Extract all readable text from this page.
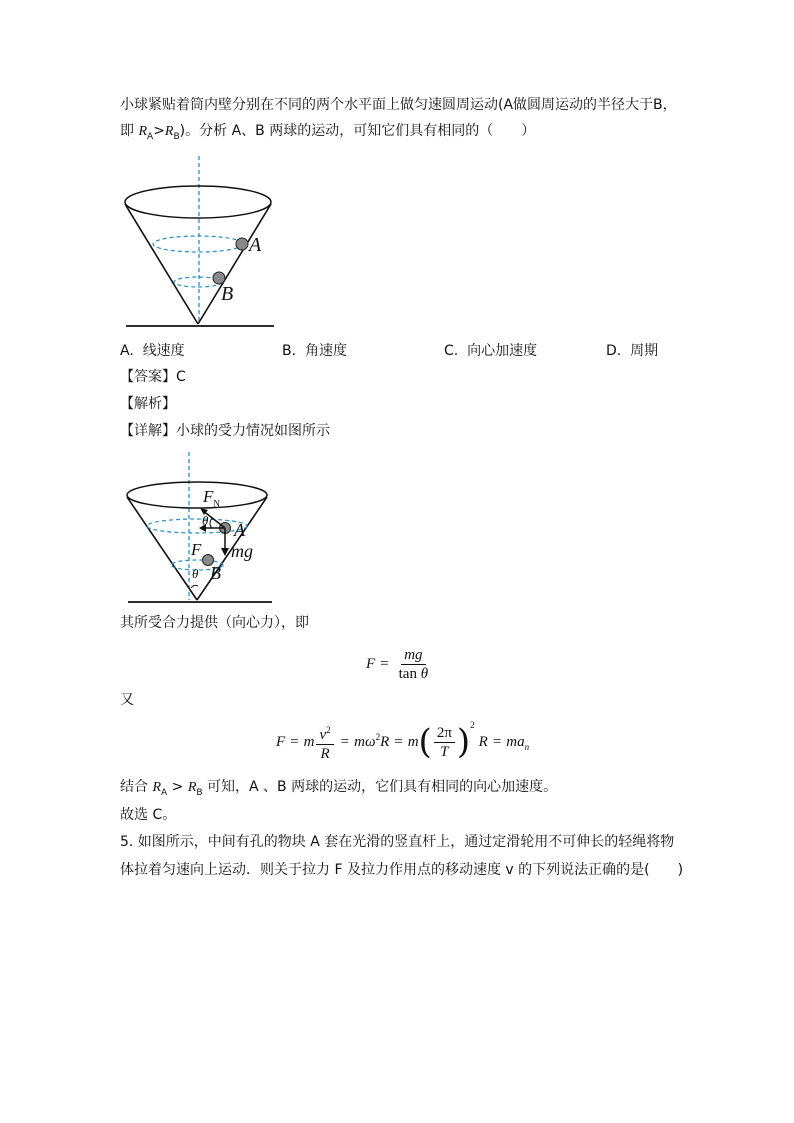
小球紧贴着筒内壁分别在不同的两个水平面上做匀速圆周运动(A做圆周运动的半径大于B，
即 $R_A>R_B$)。分析 A、B 两球的运动，可知它们具有相同的（　　）
A
B
A. 线速度	B. 角速度	C. 向心加速度	D. 周期
【答案】C
【解析】
【详解】小球的受力情况如图所示
$F_N$
θ A
mg
F
θ B
其所受合力提供（向心力），即
$F = \frac{mg}{\text{tan θ}}$
又
F = m $\frac{v^2}{R} = m\omega^2$ R = m ( $\frac{2\pi}{T} )^2$
$R = ma_n$
结合 $R_A > R_B$ 可知，A 、B 两球的运动，它们具有相同的向心加速度。
故选 C。
5. 如图所示，中间有孔的物块 A 套在光滑的竖直杆上，通过定滑轮用不可伸长的轻绳将物
体拉着匀速向上运动．则关于拉力 F 及拉力作用点的移动速度 v 的下列说法正确的是(　　)
